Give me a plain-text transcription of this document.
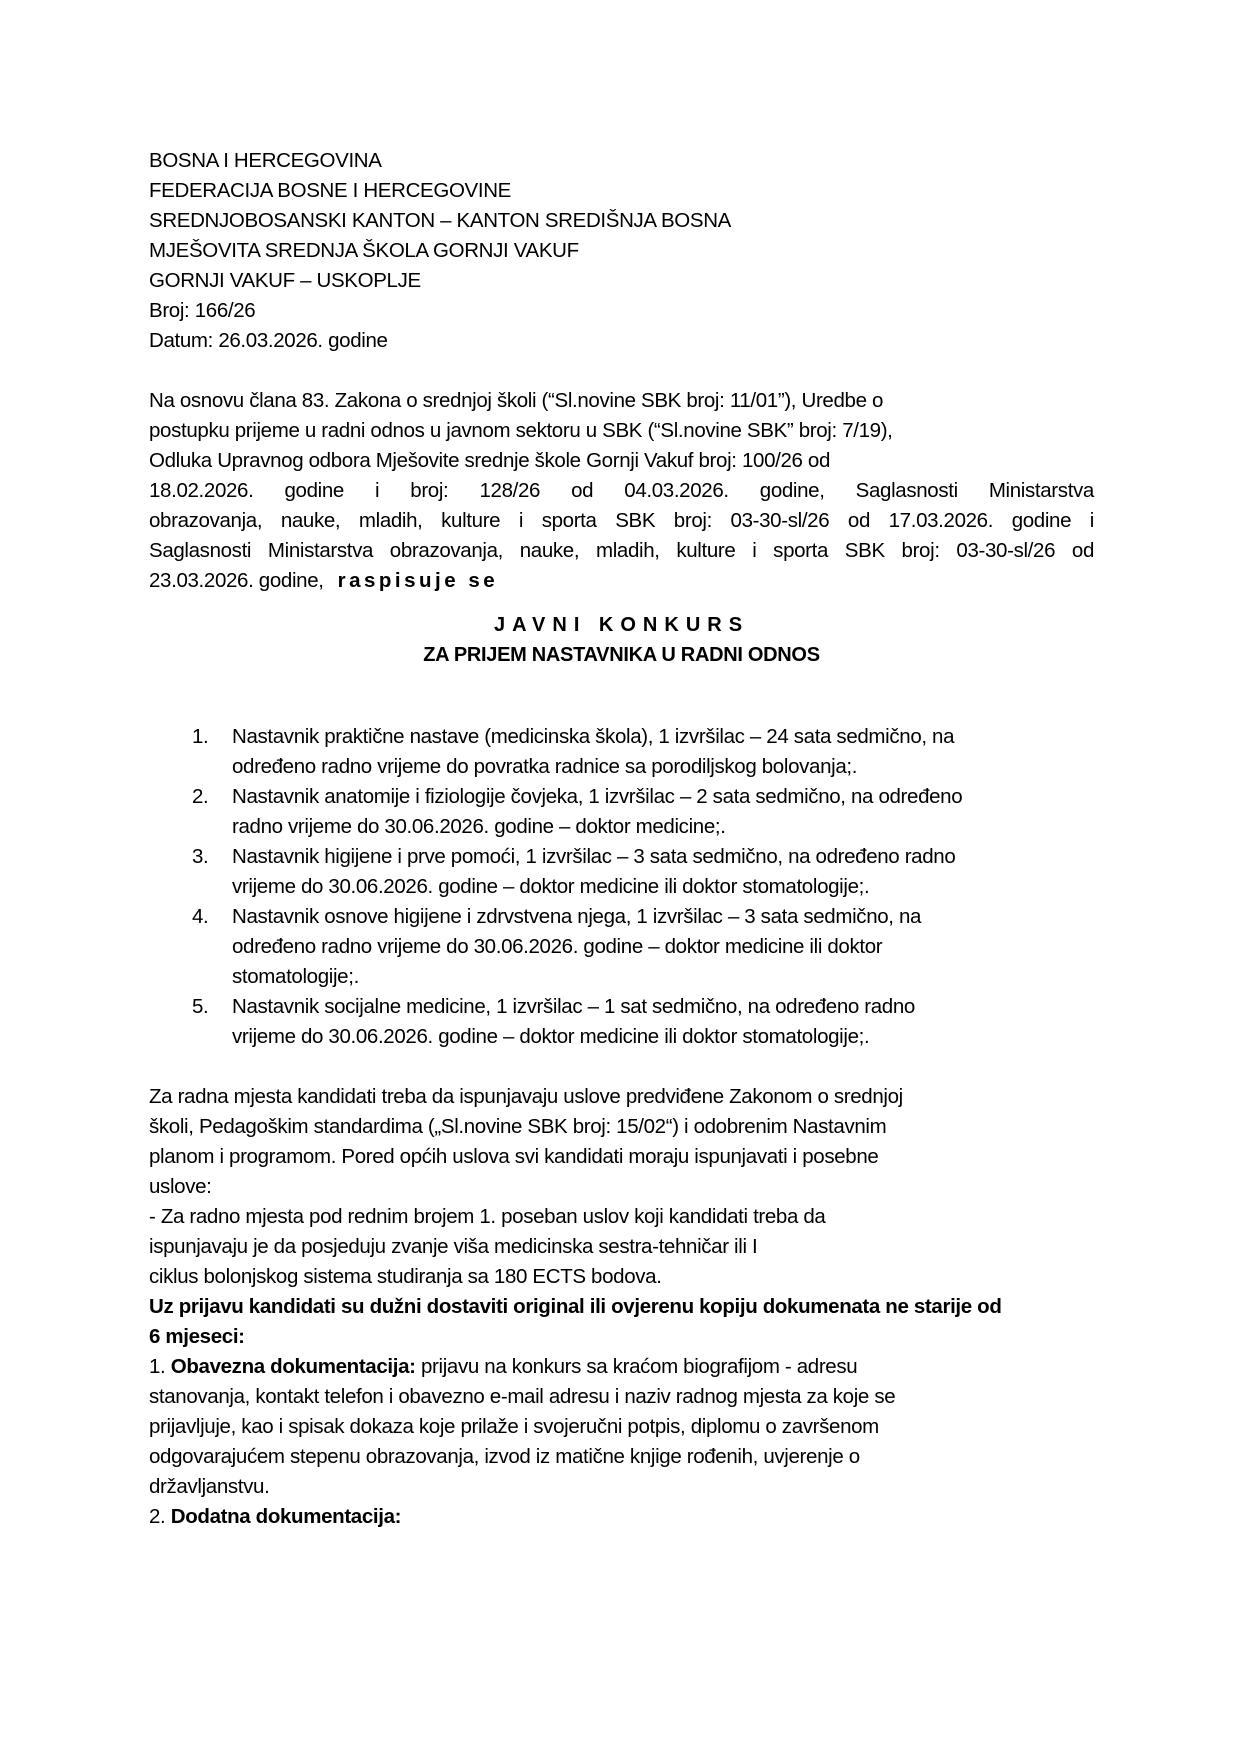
BOSNA I HERCEGOVINA
FEDERACIJA BOSNE I HERCEGOVINE
SREDNJOBOSANSKI KANTON – KANTON SREDIŠNJA BOSNA
MJEŠOVITA SREDNJA ŠKOLA GORNJI VAKUF
GORNJI VAKUF – USKOPLJE
Broj: 166/26
Datum: 26.03.2026. godine
Na osnovu člana 83. Zakona o srednjoj školi (“Sl.novine SBK broj: 11/01”), Uredbe o
postupku prijeme u radni odnos u javnom sektoru u SBK (“Sl.novine SBK” broj: 7/19),
Odluka Upravnog odbora Mješovite srednje škole Gornji Vakuf broj: 100/26 od
18.02.2026. godine i broj: 128/26 od 04.03.2026. godine, Saglasnosti Ministarstva
obrazovanja, nauke, mladih, kulture i sporta SBK broj: 03-30-sl/26 od 17.03.2026. godine i
Saglasnosti Ministarstva obrazovanja, nauke, mladih, kulture i sporta SBK broj: 03-30-sl/26 od
23.03.2026. godine, raspisuje se
JAVNI KONKURS
ZA PRIJEM NASTAVNIKA U RADNI ODNOS
1. Nastavnik praktične nastave (medicinska škola), 1 izvršilac – 24 sata sedmično, na
određeno radno vrijeme do povratka radnice sa porodiljskog bolovanja;.
2. Nastavnik anatomije i fiziologije čovjeka, 1 izvršilac – 2 sata sedmično, na određeno
radno vrijeme do 30.06.2026. godine – doktor medicine;.
3. Nastavnik higijene i prve pomoći, 1 izvršilac – 3 sata sedmično, na određeno radno
vrijeme do 30.06.2026. godine – doktor medicine ili doktor stomatologije;.
4. Nastavnik osnove higijene i zdrvstvena njega, 1 izvršilac – 3 sata sedmično, na
određeno radno vrijeme do 30.06.2026. godine – doktor medicine ili doktor
stomatologije;.
5. Nastavnik socijalne medicine, 1 izvršilac – 1 sat sedmično, na određeno radno
vrijeme do 30.06.2026. godine – doktor medicine ili doktor stomatologije;.
Za radna mjesta kandidati treba da ispunjavaju uslove predviđene Zakonom o srednjoj
školi, Pedagoškim standardima („Sl.novine SBK broj: 15/02“) i odobrenim Nastavnim
planom i programom. Pored općih uslova svi kandidati moraju ispunjavati i posebne
uslove:
- Za radno mjesta pod rednim brojem 1. poseban uslov koji kandidati treba da
ispunjavaju je da posjeduju zvanje viša medicinska sestra-tehničar ili I
ciklus bolonjskog sistema studiranja sa 180 ECTS bodova.
Uz prijavu kandidati su dužni dostaviti original ili ovjerenu kopiju dokumenata ne starije od
6 mjeseci:
1. Obavezna dokumentacija: prijavu na konkurs sa kraćom biografijom - adresu
stanovanja, kontakt telefon i obavezno e-mail adresu i naziv radnog mjesta za koje se
prijavljuje, kao i spisak dokaza koje prilaže i svojeručni potpis, diplomu o završenom
odgovarajućem stepenu obrazovanja, izvod iz matične knjige rođenih, uvjerenje o
državljanstvu.
2. Dodatna dokumentacija:
